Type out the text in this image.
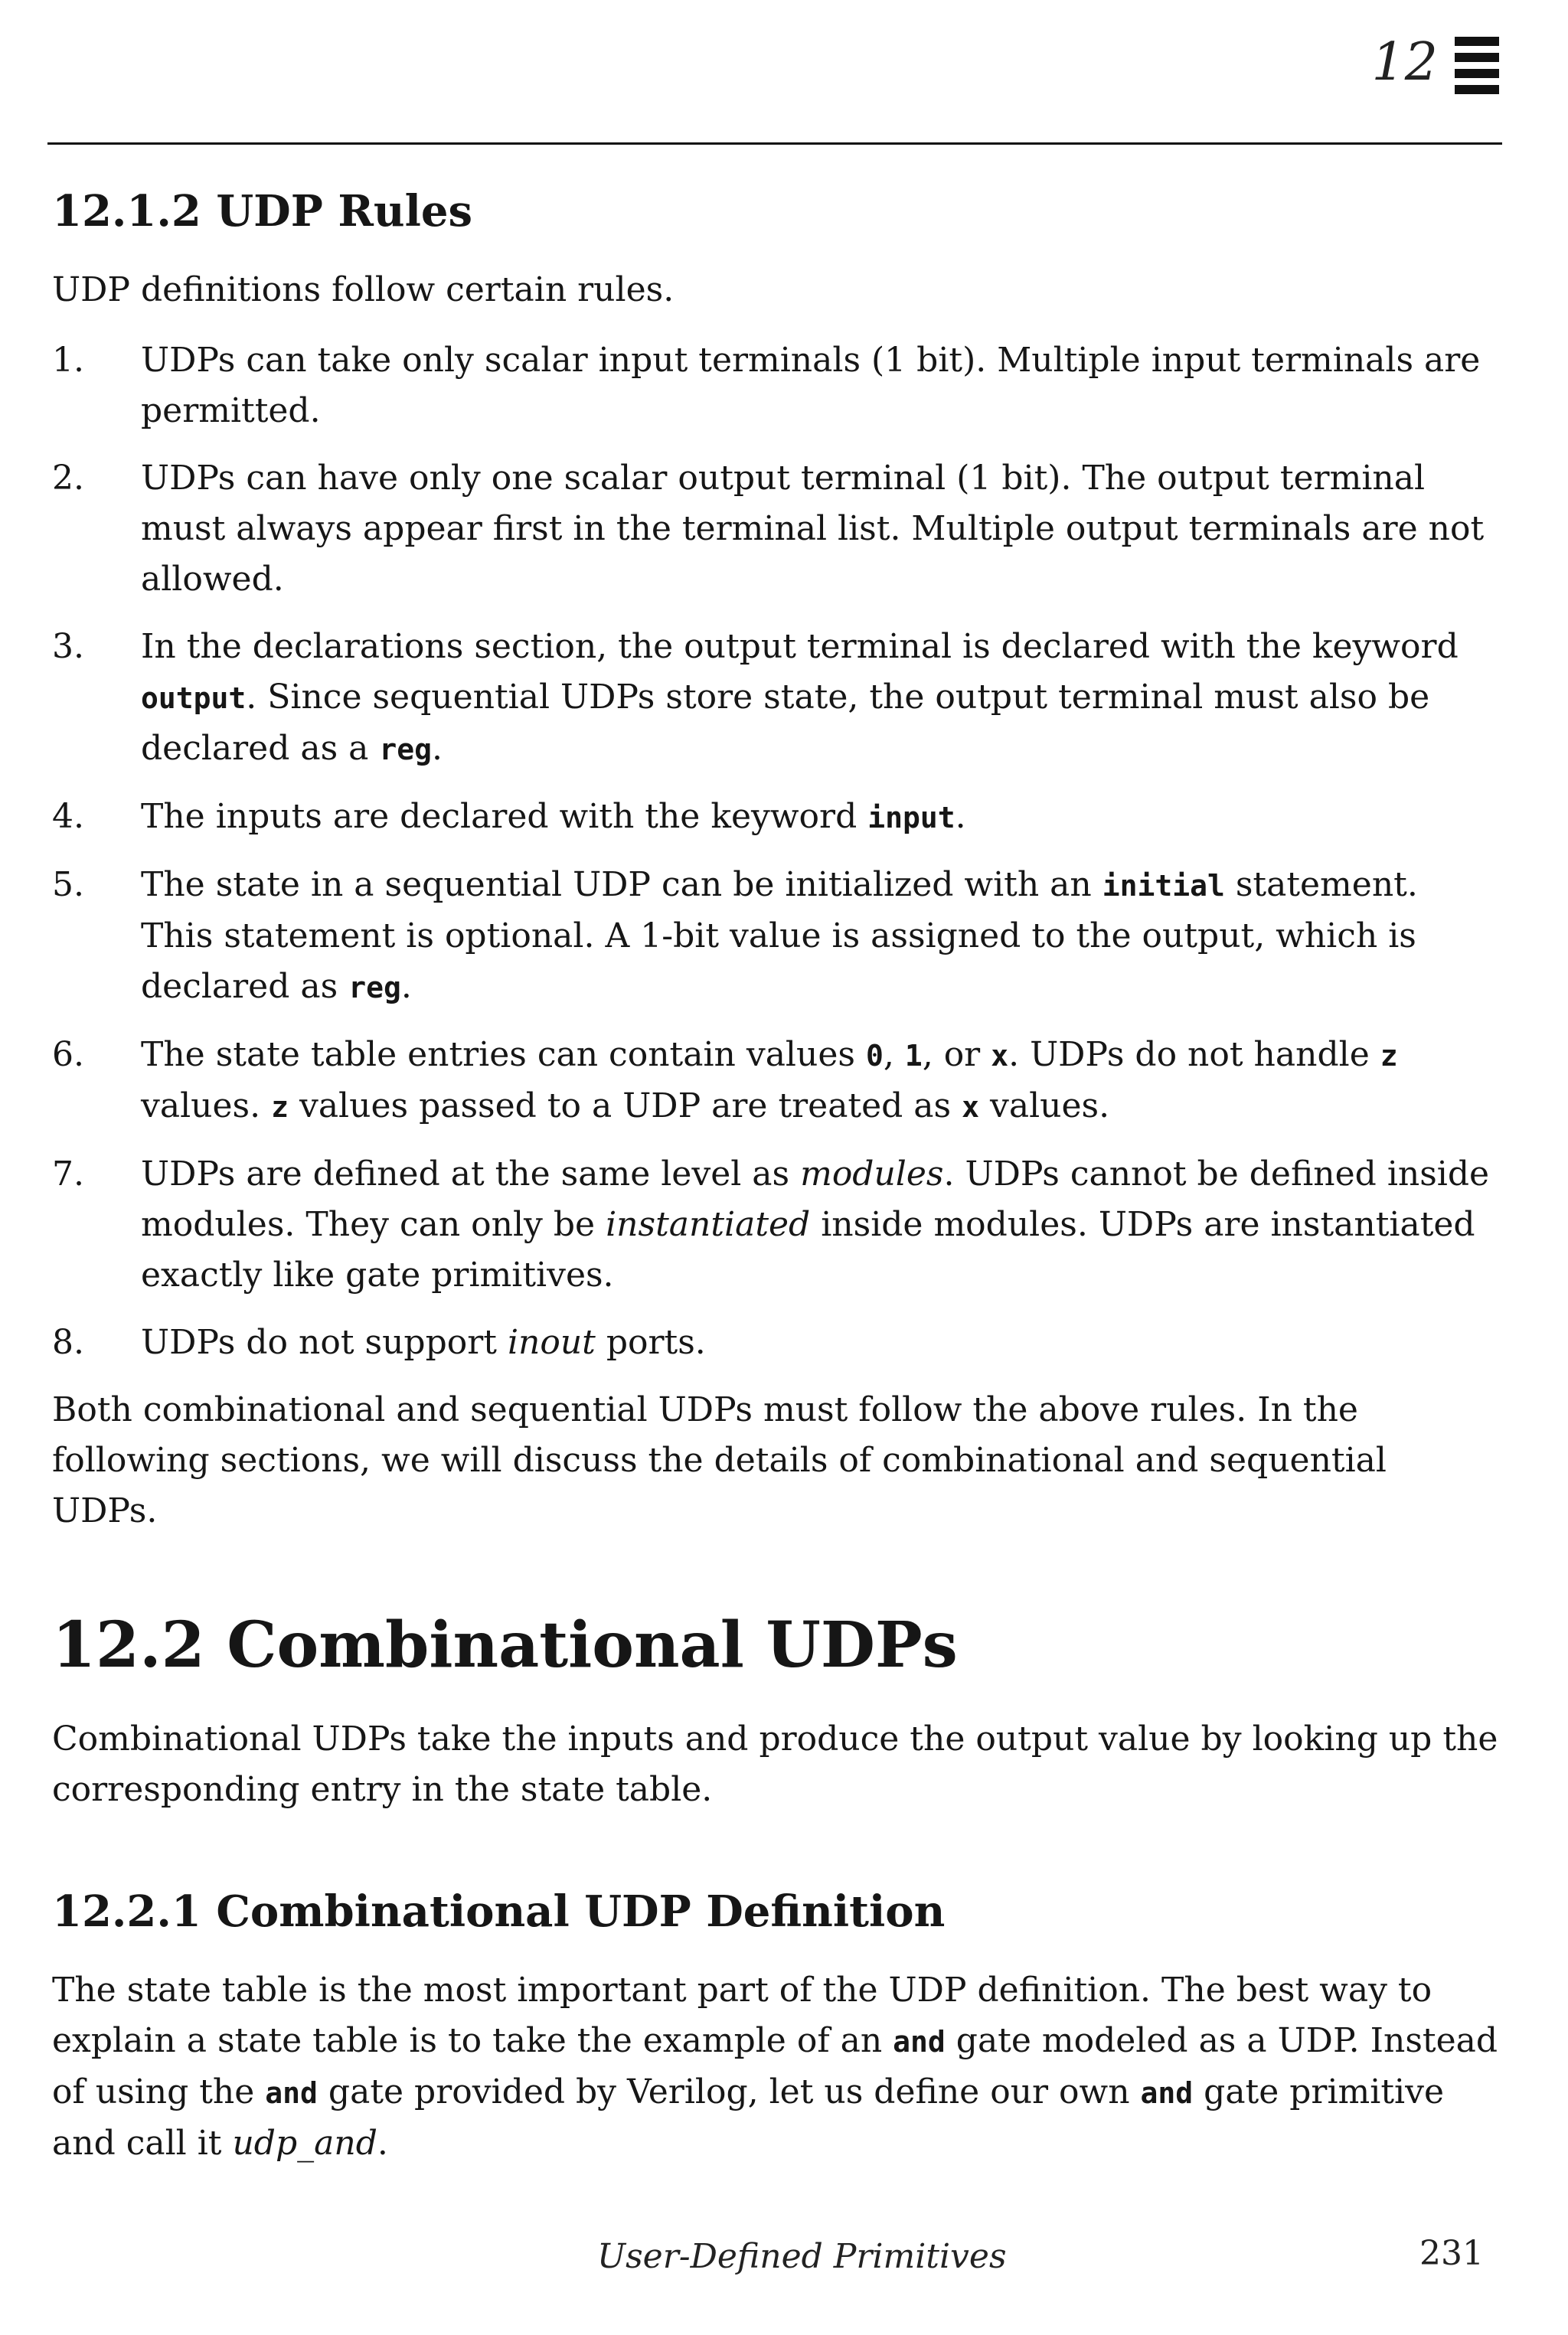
12
12.1.2 UDP Rules
UDP definitions follow certain rules.
1.	UDPs can take only scalar input terminals (1 bit). Multiple input terminals are permitted.
2.	UDPs can have only one scalar output terminal (1 bit). The output terminal must always appear first in the terminal list. Multiple output terminals are not allowed.
3.	In the declarations section, the output terminal is declared with the keyword output. Since sequential UDPs store state, the output terminal must also be declared as a reg.
4.	The inputs are declared with the keyword input.
5.	The state in a sequential UDP can be initialized with an initial statement. This statement is optional. A 1-bit value is assigned to the output, which is declared as reg.
6.	The state table entries can contain values 0, 1, or x. UDPs do not handle z values. z values passed to a UDP are treated as x values.
7.	UDPs are defined at the same level as modules. UDPs cannot be defined inside modules. They can only be instantiated inside modules. UDPs are instantiated exactly like gate primitives.
8.	UDPs do not support inout ports.
Both combinational and sequential UDPs must follow the above rules. In the following sections, we will discuss the details of combinational and sequential UDPs.
12.2 Combinational UDPs
Combinational UDPs take the inputs and produce the output value by looking up the corresponding entry in the state table.
12.2.1 Combinational UDP Definition
The state table is the most important part of the UDP definition. The best way to explain a state table is to take the example of an and gate modeled as a UDP. Instead of using the and gate provided by Verilog, let us define our own and gate primitive and call it udp_and.
User-Defined Primitives	231
